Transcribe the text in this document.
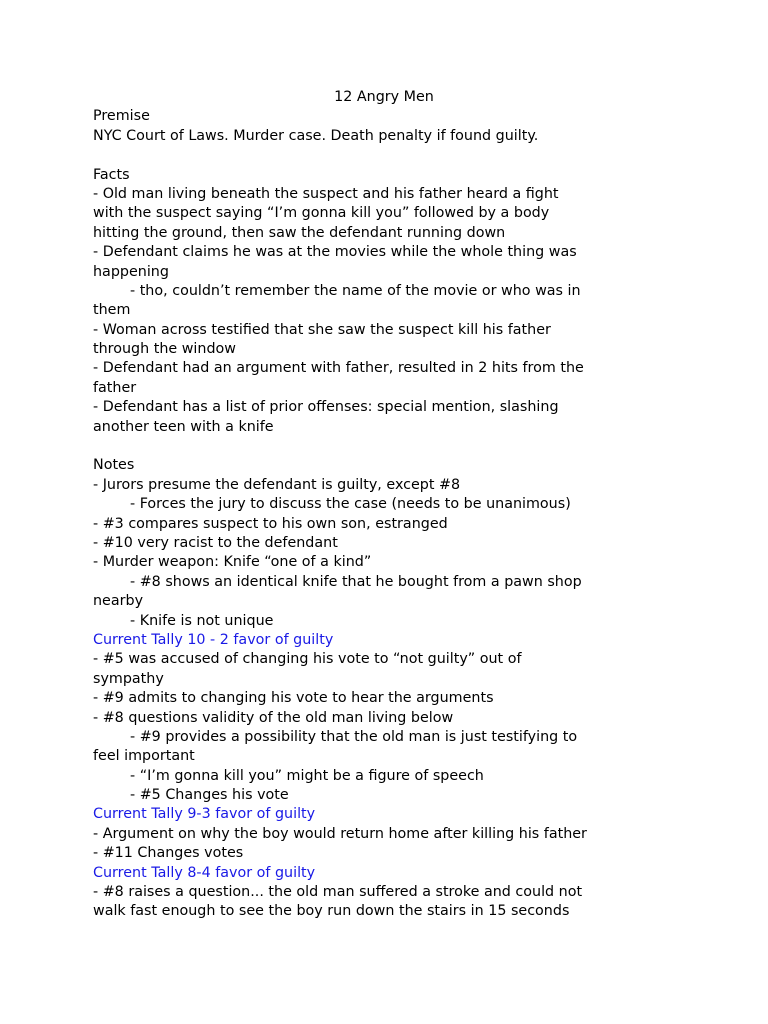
12 Angry Men
Premise
NYC Court of Laws. Murder case. Death penalty if found guilty.
Facts
- Old man living beneath the suspect and his father heard a fight
with the suspect saying “I’m gonna kill you” followed by a body
hitting the ground, then saw the defendant running down
- Defendant claims he was at the movies while the whole thing was
happening
- tho, couldn’t remember the name of the movie or who was in
them
- Woman across testified that she saw the suspect kill his father
through the window
- Defendant had an argument with father, resulted in 2 hits from the
father
- Defendant has a list of prior offenses: special mention, slashing
another teen with a knife
Notes
- Jurors presume the defendant is guilty, except #8
- Forces the jury to discuss the case (needs to be unanimous)
- #3 compares suspect to his own son, estranged
- #10 very racist to the defendant
- Murder weapon: Knife “one of a kind”
- #8 shows an identical knife that he bought from a pawn shop
nearby
- Knife is not unique
Current Tally 10 - 2 favor of guilty
- #5 was accused of changing his vote to “not guilty” out of
sympathy
- #9 admits to changing his vote to hear the arguments
- #8 questions validity of the old man living below
- #9 provides a possibility that the old man is just testifying to
feel important
- “I’m gonna kill you” might be a figure of speech
- #5 Changes his vote
Current Tally 9-3 favor of guilty
- Argument on why the boy would return home after killing his father
- #11 Changes votes
Current Tally 8-4 favor of guilty
- #8 raises a question... the old man suffered a stroke and could not
walk fast enough to see the boy run down the stairs in 15 seconds
